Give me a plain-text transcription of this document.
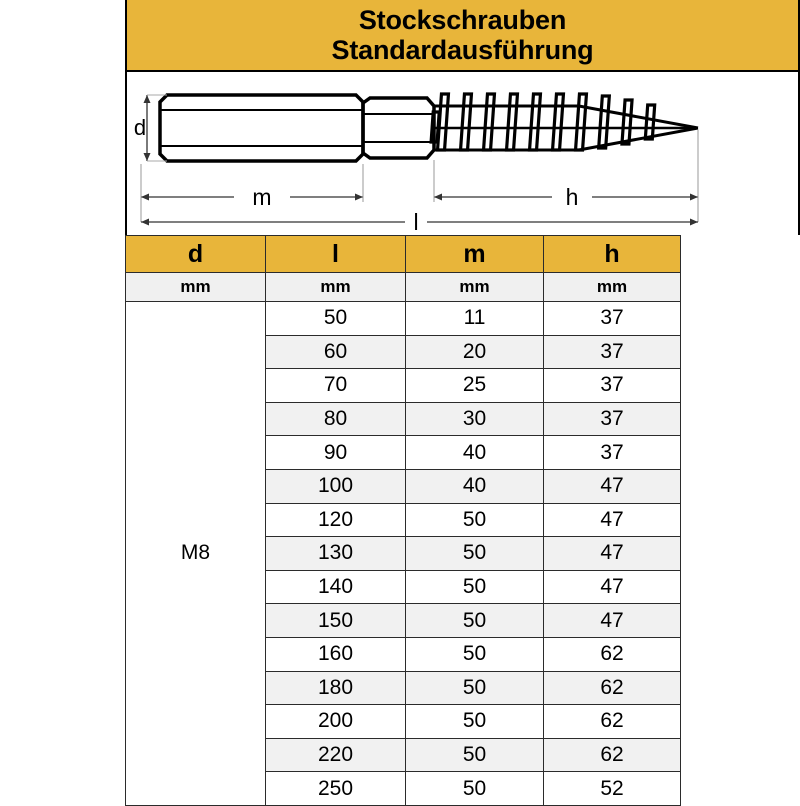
Stockschrauben
Standardausführung
d
m	h
l
d	l	m	h
mm	mm	mm	mm
M8	50	11	37
	60	20	37
	70	25	37
	80	30	37
	90	40	37
	100	40	47
	120	50	47
	130	50	47
	140	50	47
	150	50	47
	160	50	62
	180	50	62
	200	50	62
	220	50	62
	250	50	52
